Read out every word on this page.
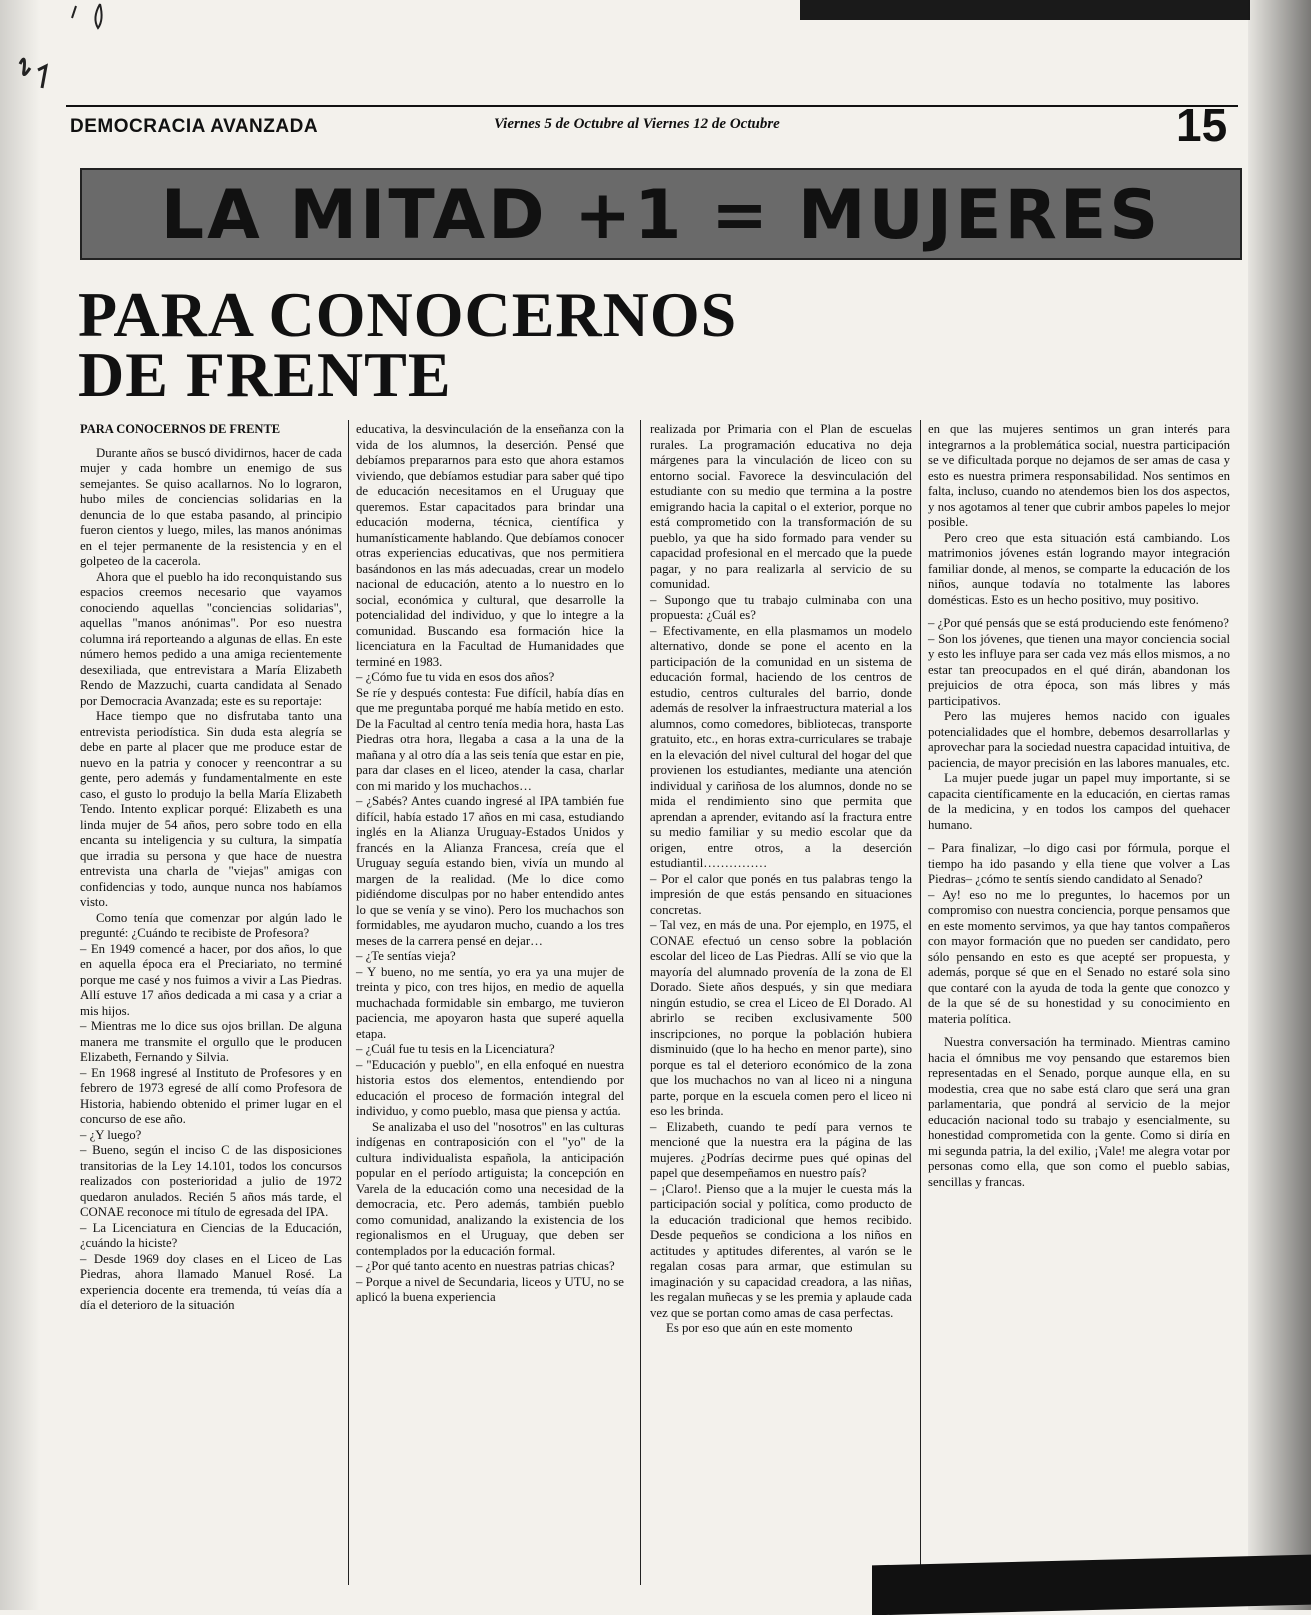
DEMOCRACIA AVANZADA	Viernes 5 de Octubre al Viernes 12 de Octubre	15
LA MITAD +1 = MUJERES
PARA CONOCERNOS
DE FRENTE
PARA CONOCERNOS DE FRENTE

Durante años se buscó dividirnos, hacer de cada mujer y cada hombre un enemigo de sus semejantes. Se quiso acallarnos. No lo lograron, hubo miles de conciencias solidarias en la denuncia de lo que estaba pasando, al principio fueron cientos y luego, miles, las manos anónimas en el tejer permanente de la resistencia y en el golpeteo de la cacerola.

Ahora que el pueblo ha ido reconquistando sus espacios creemos necesario que vayamos conociendo aquellas "conciencias solidarias", aquellas "manos anónimas". Por eso nuestra columna irá reporteando a algunas de ellas. En este número hemos pedido a una amiga recientemente desexiliada, que entrevistara a María Elizabeth Rendo de Mazzuchi, cuarta candidata al Senado por Democracia Avanzada; este es su reportaje:

Hace tiempo que no disfrutaba tanto una entrevista periodística. Sin duda esta alegría se debe en parte al placer que me produce estar de nuevo en la patria y conocer y reencontrar a su gente, pero además y fundamentalmente en este caso, el gusto lo produjo la bella María Elizabeth Tendo. Intento explicar porqué: Elizabeth es una linda mujer de 54 años, pero sobre todo en ella encanta su inteligencia y su cultura, la simpatía que irradia su persona y que hace de nuestra entrevista una charla de "viejas" amigas con confidencias y todo, aunque nunca nos habíamos visto.

Como tenía que comenzar por algún lado le pregunté: ¿Cuándo te recibiste de Profesora?

– En 1949 comencé a hacer, por dos años, lo que en aquella época era el Preciariato, no terminé porque me casé y nos fuimos a vivir a Las Piedras. Allí estuve 17 años dedicada a mi casa y a criar a mis hijos.

– Mientras me lo dice sus ojos brillan. De alguna manera me transmite el orgullo que le producen Elizabeth, Fernando y Silvia.

– En 1968 ingresé al Instituto de Profesores y en febrero de 1973 egresé de allí como Profesora de Historia, habiendo obtenido el primer lugar en el concurso de ese año.

– ¿Y luego?

– Bueno, según el inciso C de las disposiciones transitorias de la Ley 14.101, todos los concursos realizados con posterioridad a julio de 1972 quedaron anulados. Recién 5 años más tarde, el CONAE reconoce mi título de egresada del IPA.

– La Licenciatura en Ciencias de la Educación, ¿cuándo la hiciste?

– Desde 1969 doy clases en el Liceo de Las Piedras, ahora llamado Manuel Rosé. La experiencia docente era tremenda, tú veías día a día el deterioro de la situación

educativa, la desvinculación de la enseñanza con la vida de los alumnos, la deserción. Pensé que debíamos prepararnos para esto que ahora estamos viviendo, que debíamos estudiar para saber qué tipo de educación necesitamos en el Uruguay que queremos. Estar capacitados para brindar una educación moderna, técnica, científica y humanísticamente hablando. Que debíamos conocer otras experiencias educativas, que nos permitiera basándonos en las más adecuadas, crear un modelo nacional de educación, atento a lo nuestro en lo social, económica y cultural, que desarrolle la potencialidad del individuo, y que lo integre a la comunidad. Buscando esa formación hice la licenciatura en la Facultad de Humanidades que terminé en 1983.

– ¿Cómo fue tu vida en esos dos años?

Se ríe y después contesta: Fue difícil, había días en que me preguntaba porqué me había metido en esto. De la Facultad al centro tenía media hora, hasta Las Piedras otra hora, llegaba a casa a la una de la mañana y al otro día a las seis tenía que estar en pie, para dar clases en el liceo, atender la casa, charlar con mi marido y los muchachos…

– ¿Sabés? Antes cuando ingresé al IPA también fue difícil, había estado 17 años en mi casa, estudiando inglés en la Alianza Uruguay-Estados Unidos y francés en la Alianza Francesa, creía que el Uruguay seguía estando bien, vivía un mundo al margen de la realidad. (Me lo dice como pidiéndome disculpas por no haber entendido antes lo que se venía y se vino). Pero los muchachos son formidables, me ayudaron mucho, cuando a los tres meses de la carrera pensé en dejar…

– ¿Te sentías vieja?

– Y bueno, no me sentía, yo era ya una mujer de treinta y pico, con tres hijos, en medio de aquella muchachada formidable sin embargo, me tuvieron paciencia, me apoyaron hasta que superé aquella etapa.

– ¿Cuál fue tu tesis en la Licenciatura?

– "Educación y pueblo", en ella enfoqué en nuestra historia estos dos elementos, entendiendo por educación el proceso de formación integral del individuo, y como pueblo, masa que piensa y actúa.

Se analizaba el uso del "nosotros" en las culturas indígenas en contraposición con el "yo" de la cultura individualista española, la anticipación popular en el período artiguista; la concepción en Varela de la educación como una necesidad de la democracia, etc. Pero además, también pueblo como comunidad, analizando la existencia de los regionalismos en el Uruguay, que deben ser contemplados por la educación formal.

– ¿Por qué tanto acento en nuestras patrias chicas?

– Porque a nivel de Secundaria, liceos y UTU, no se aplicó la buena experiencia

realizada por Primaria con el Plan de escuelas rurales. La programación educativa no deja márgenes para la vinculación de liceo con su entorno social. Favorece la desvinculación del estudiante con su medio que termina a la postre emigrando hacia la capital o el exterior, porque no está comprometido con la transformación de su pueblo, ya que ha sido formado para vender su capacidad profesional en el mercado que la puede pagar, y no para realizarla al servicio de su comunidad.

– Supongo que tu trabajo culminaba con una propuesta: ¿Cuál es?

– Efectivamente, en ella plasmamos un modelo alternativo, donde se pone el acento en la participación de la comunidad en un sistema de educación formal, haciendo de los centros de estudio, centros culturales del barrio, donde además de resolver la infraestructura material a los alumnos, como comedores, bibliotecas, transporte gratuito, etc., en horas extra-curriculares se trabaje en la elevación del nivel cultural del hogar del que provienen los estudiantes, mediante una atención individual y cariñosa de los alumnos, donde no se mida el rendimiento sino que permita que aprendan a aprender, evitando así la fractura entre su medio familiar y su medio escolar que da origen, entre otros, a la deserción estudiantil……………

– Por el calor que ponés en tus palabras tengo la impresión de que estás pensando en situaciones concretas.

– Tal vez, en más de una. Por ejemplo, en 1975, el CONAE efectuó un censo sobre la población escolar del liceo de Las Piedras. Allí se vio que la mayoría del alumnado provenía de la zona de El Dorado. Siete años después, y sin que mediara ningún estudio, se crea el Liceo de El Dorado. Al abrirlo se reciben exclusivamente 500 inscripciones, no porque la población hubiera disminuido (que lo ha hecho en menor parte), sino porque es tal el deterioro económico de la zona que los muchachos no van al liceo ni a ninguna parte, porque en la escuela comen pero el liceo ni eso les brinda.

– Elizabeth, cuando te pedí para vernos te mencioné que la nuestra era la página de las mujeres. ¿Podrías decirme pues qué opinas del papel que desempeñamos en nuestro país?

– ¡Claro!. Pienso que a la mujer le cuesta más la participación social y política, como producto de la educación tradicional que hemos recibido. Desde pequeños se condiciona a los niños en actitudes y aptitudes diferentes, al varón se le regalan cosas para armar, que estimulan su imaginación y su capacidad creadora, a las niñas, les regalan muñecas y se les premia y aplaude cada vez que se portan como amas de casa perfectas.

Es por eso que aún en este momento

en que las mujeres sentimos un gran interés para integrarnos a la problemática social, nuestra participación se ve dificultada porque no dejamos de ser amas de casa y esto es nuestra primera responsabilidad. Nos sentimos en falta, incluso, cuando no atendemos bien los dos aspectos, y nos agotamos al tener que cubrir ambos papeles lo mejor posible.

Pero creo que esta situación está cambiando. Los matrimonios jóvenes están logrando mayor integración familiar donde, al menos, se comparte la educación de los niños, aunque todavía no totalmente las labores domésticas. Esto es un hecho positivo, muy positivo.

– ¿Por qué pensás que se está produciendo este fenómeno?

– Son los jóvenes, que tienen una mayor conciencia social y esto les influye para ser cada vez más ellos mismos, a no estar tan preocupados en el qué dirán, abandonan los prejuicios de otra época, son más libres y más participativos.

Pero las mujeres hemos nacido con iguales potencialidades que el hombre, debemos desarrollarlas y aprovechar para la sociedad nuestra capacidad intuitiva, de paciencia, de mayor precisión en las labores manuales, etc.

La mujer puede jugar un papel muy importante, si se capacita científicamente en la educación, en ciertas ramas de la medicina, y en todos los campos del quehacer humano.

– Para finalizar, –lo digo casi por fórmula, porque el tiempo ha ido pasando y ella tiene que volver a Las Piedras– ¿cómo te sentís siendo candidato al Senado?

– Ay! eso no me lo preguntes, lo hacemos por un compromiso con nuestra conciencia, porque pensamos que en este momento servimos, ya que hay tantos compañeros con mayor formación que no pueden ser candidato, pero sólo pensando en esto es que acepté ser propuesta, y además, porque sé que en el Senado no estaré sola sino que contaré con la ayuda de toda la gente que conozco y de la que sé de su honestidad y su conocimiento en materia política.

Nuestra conversación ha terminado. Mientras camino hacia el ómnibus me voy pensando que estaremos bien representadas en el Senado, porque aunque ella, en su modestia, crea que no sabe está claro que será una gran parlamentaria, que pondrá al servicio de la mejor educación nacional todo su trabajo y esencialmente, su honestidad comprometida con la gente. Como si diría en mi segunda patria, la del exilio, ¡Vale! me alegra votar por personas como ella, que son como el pueblo sabias, sencillas y francas.
